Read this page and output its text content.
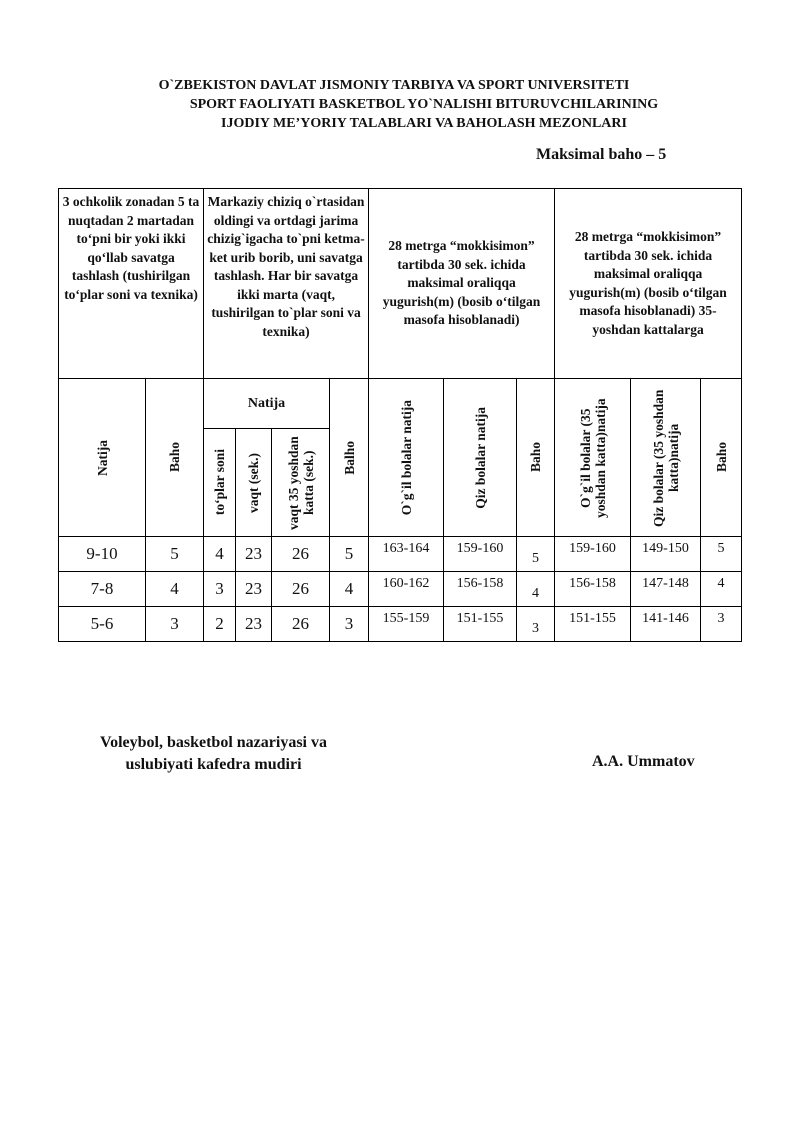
O`ZBEKISTON DAVLAT JISMONIY TARBIYA VA SPORT UNIVERSITETI
SPORT FAOLIYATI BASKETBOL YO`NALISHI BITURUVCHILARINING
IJODIY ME’YORIY TALABLARI VA BAHOLASH MEZONLARI
Maksimal baho – 5
3 ochkolik zonadan 5 ta nuqtadan 2 martadan to‘pni bir yoki ikki qo‘llab savatga tashlash (tushirilgan to‘plar soni va texnika)		Markaziy chiziq o`rtasidan oldingi va ortdagi jarima chizig`igacha to`pni ketma-ket urib borib, uni savatga tashlash. Har bir savatga ikki marta (vaqt, tushirilgan to`plar soni va texnika)				28 metrga “mokkisimon” tartibda 30 sek. ichida maksimal oraliqqa yugurish(m) (bosib o‘tilgan masofa hisoblanadi)			28 metrga “mokkisimon” tartibda 30 sek. ichida maksimal oraliqqa yugurish(m) (bosib o‘tilgan masofa hisoblanadi) 35-yoshdan kattalarga		

Natija	Baho	Natija			Balho	O`g`il bolalar natija	Qiz bolalar natija	Baho	O`g`il bolalar (35 yoshdan katta)natija	Qiz bolalar (35 yoshdan katta)natija	Baho

		to‘plar soni	vaqt (sek.)	vaqt 35 yoshdan katta (sek.)							

9-10	5	4	23	26	5	163-164	159-160	5	159-160	149-150	5
7-8	4	3	23	26	4	160-162	156-158	4	156-158	147-148	4
5-6	3	2	23	26	3	155-159	151-155	3	151-155	141-146	3
Voleybol, basketbol nazariyasi va
uslubiyati kafedra mudiri	A.A. Ummatov
